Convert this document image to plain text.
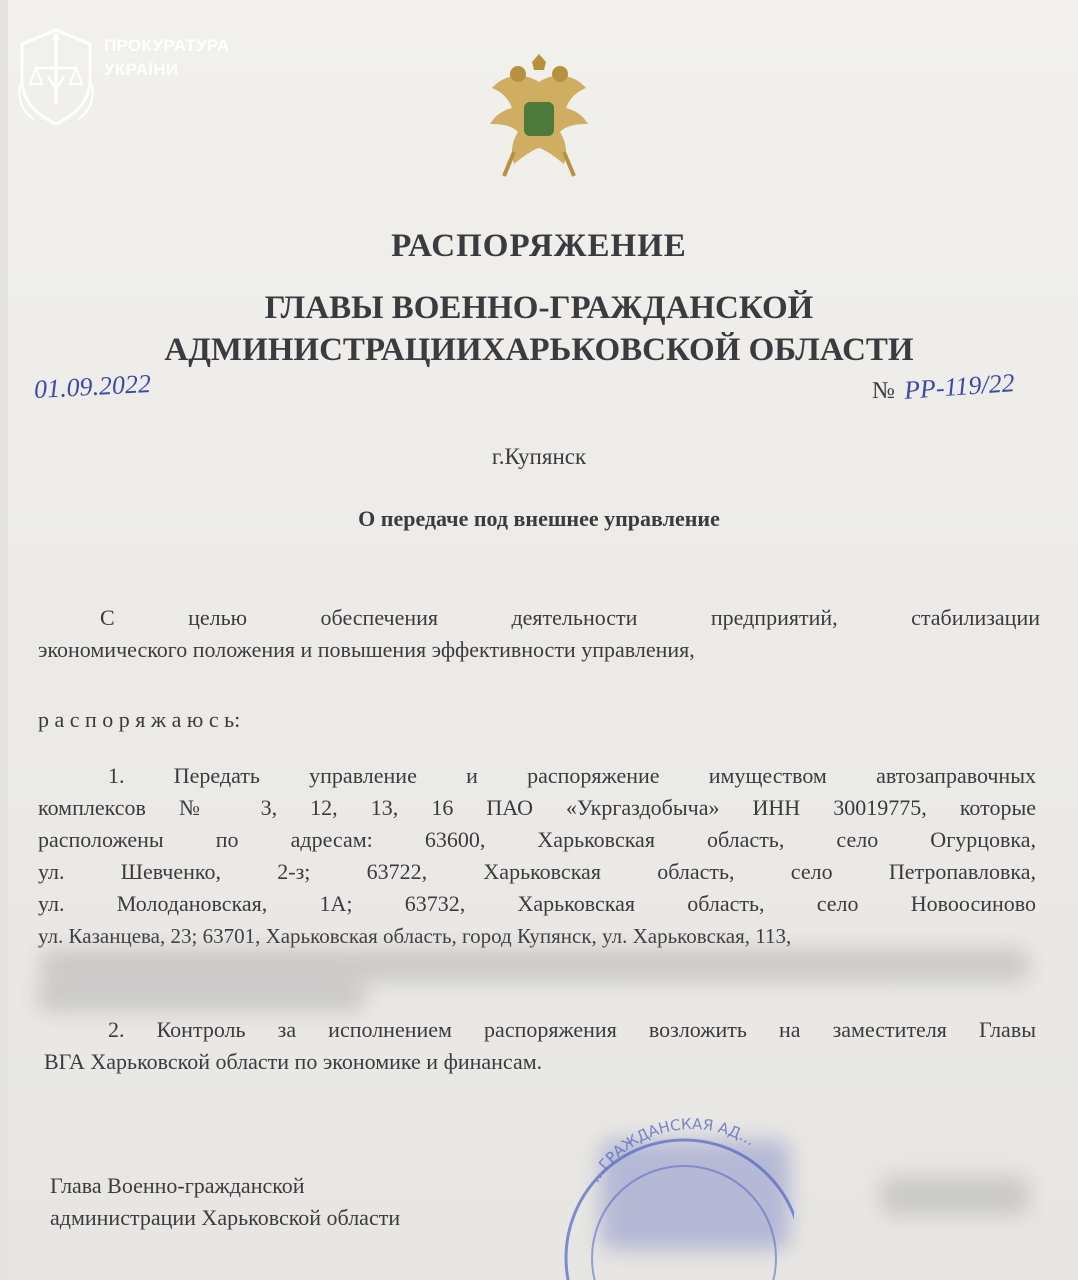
ПРОКУРАТУРА
УКРАЇНИ
РАСПОРЯЖЕНИЕ
ГЛАВЫ ВОЕННО-ГРАЖДАНСКОЙ
АДМИНИСТРАЦИИХАРЬКОВСКОЙ ОБЛАСТИ
01.09.2022	№ РР-119/22
г.Купянск
О передаче под внешнее управление
С целью обеспечения деятельности предприятий, стабилизации
экономического положения и повышения эффективности управления,
р а с п о р я ж а ю с ь:
1. Передать управление и распоряжение имуществом автозаправочных
комплексов № 3, 12, 13, 16 ПАО «Укргаздобыча» ИНН 30019775, которые
расположены по адресам: 63600, Харьковская область, село Огурцовка,
ул. Шевченко, 2-з; 63722, Харьковская область, село Петропавловка,
ул. Молодановская, 1А; 63732, Харьковская область, село Новоосиново
ул. Казанцева, 23; 63701, Харьковская область, город Купянск, ул. Харьковская, 113,
2. Контроль за исполнением распоряжения возложить на заместителя Главы
ВГА Харьковской области по экономике и финансам.
Глава Военно-гражданской
администрации Харьковской области
…ГРАЖДАНСКАЯ АД…
